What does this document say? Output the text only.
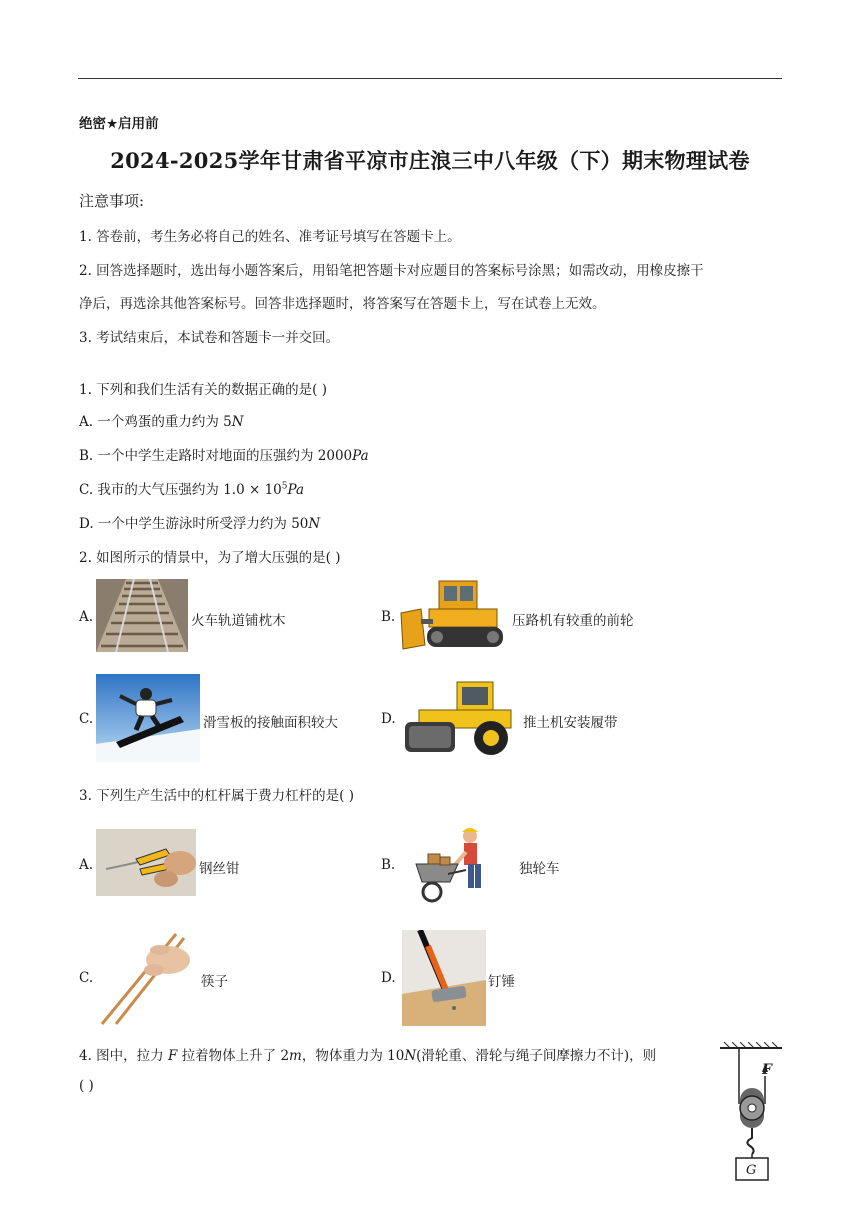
绝密★启用前
2024-2025学年甘肃省平凉市庄浪三中八年级（下）期末物理试卷
注意事项:
1. 答卷前，考生务必将自己的姓名、准考证号填写在答题卡上。
2. 回答选择题时，选出每小题答案后，用铅笔把答题卡对应题目的答案标号涂黑；如需改动，用橡皮擦干
净后，再选涂其他答案标号。回答非选择题时，将答案写在答题卡上，写在试卷上无效。
3. 考试结束后，本试卷和答题卡一并交回。
1. 下列和我们生活有关的数据正确的是( )
A. 一个鸡蛋的重力约为 5N
B. 一个中学生走路时对地面的压强约为 2000Pa
C. 我市的大气压强约为 $1.0 \times 10^5Pa$
D. 一个中学生游泳时所受浮力约为 50N
2. 如图所示的情景中，为了增大压强的是( )
A.	火车轨道铺枕木	B.	压路机有较重的前轮
C.	滑雪板的接触面积较大	D.	推土机安装履带
3. 下列生产生活中的杠杆属于费力杠杆的是( )
A.	钢丝钳	B.	独轮车
C.	筷子	D.	钉锤
4. 图中，拉力 F 拉着物体上升了 2m，物体重力为 10N(滑轮重、滑轮与绳子间摩擦力不计)，则
( )
F
G
